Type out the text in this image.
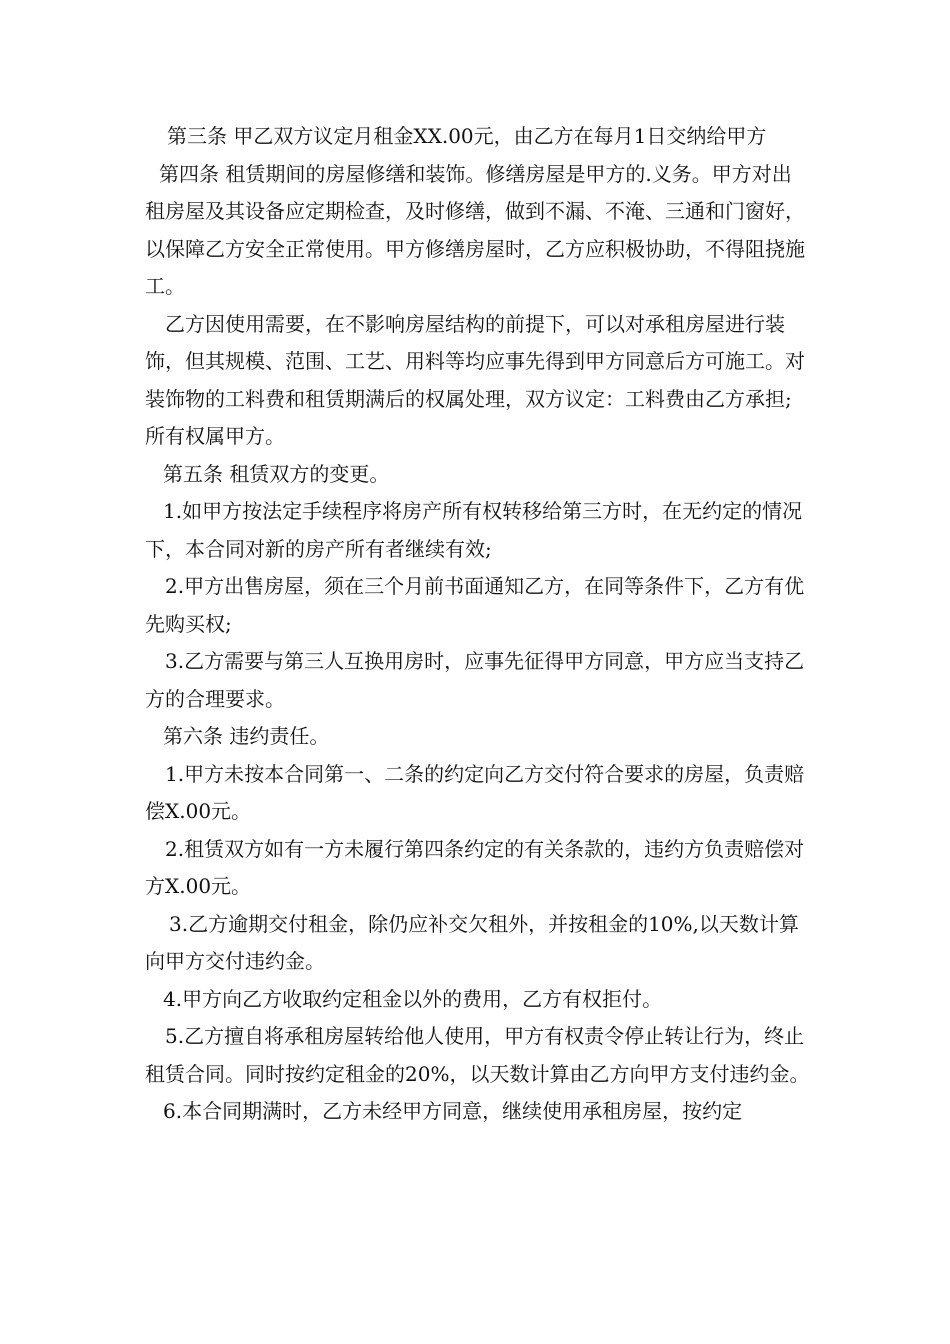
第三条 甲乙双方议定月租金XX.00元，由乙方在每月1日交纳给甲方

第四条 租赁期间的房屋修缮和装饰。修缮房屋是甲方的.义务。甲方对出租房屋及其设备应定期检查，及时修缮，做到不漏、不淹、三通和门窗好，以保障乙方安全正常使用。甲方修缮房屋时，乙方应积极协助，不得阻挠施工。

乙方因使用需要，在不影响房屋结构的前提下，可以对承租房屋进行装饰，但其规模、范围、工艺、用料等均应事先得到甲方同意后方可施工。对装饰物的工料费和租赁期满后的权属处理，双方议定：工料费由乙方承担;所有权属甲方。

第五条 租赁双方的变更。

1.如甲方按法定手续程序将房产所有权转移给第三方时，在无约定的情况下，本合同对新的房产所有者继续有效;

2.甲方出售房屋，须在三个月前书面通知乙方，在同等条件下，乙方有优先购买权;

3.乙方需要与第三人互换用房时，应事先征得甲方同意，甲方应当支持乙方的合理要求。

第六条 违约责任。

1.甲方未按本合同第一、二条的约定向乙方交付符合要求的房屋，负责赔偿X.00元。

2.租赁双方如有一方未履行第四条约定的有关条款的，违约方负责赔偿对方X.00元。

3.乙方逾期交付租金，除仍应补交欠租外，并按租金的10%,以天数计算向甲方交付违约金。

4.甲方向乙方收取约定租金以外的费用，乙方有权拒付。

5.乙方擅自将承租房屋转给他人使用，甲方有权责令停止转让行为，终止租赁合同。同时按约定租金的20%，以天数计算由乙方向甲方支付违约金。

6.本合同期满时，乙方未经甲方同意，继续使用承租房屋，按约定
